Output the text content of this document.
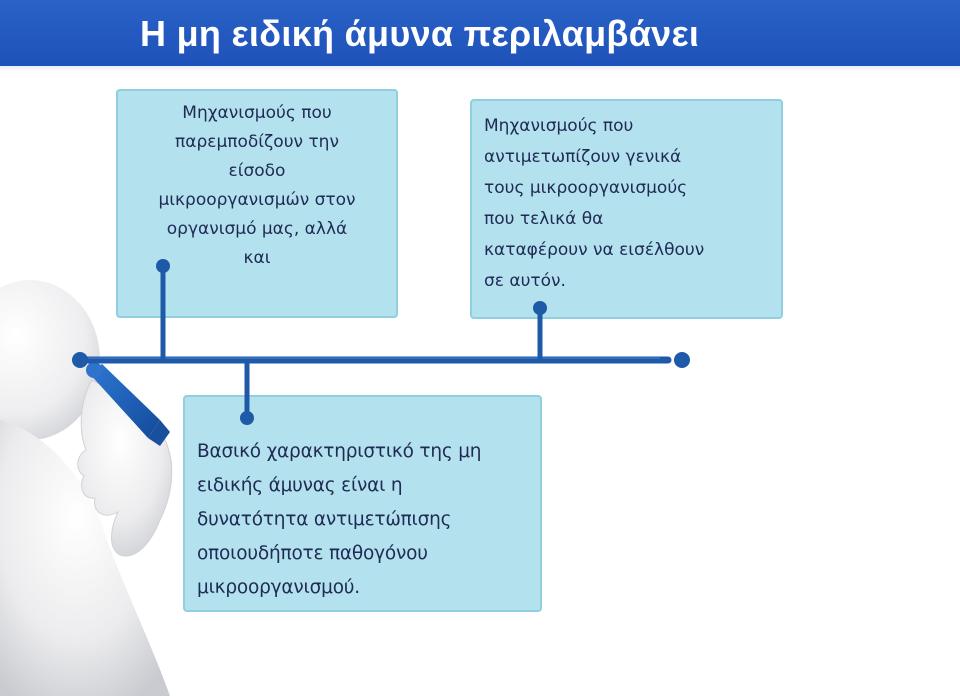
Η μη ειδική άμυνα περιλαμβάνει
Μηχανισμούς που
παρεμποδίζουν την
είσοδο
μικροοργανισμών στον
οργανισμό μας, αλλά
και
Μηχανισμούς που
αντιμετωπίζουν γενικά
τους μικροοργανισμούς
που τελικά θα
καταφέρουν να εισέλθουν
σε αυτόν.
Βασικό χαρακτηριστικό της μη
ειδικής άμυνας είναι η
δυνατότητα αντιμετώπισης
οποιουδήποτε παθογόνου
μικροοργανισμού.
